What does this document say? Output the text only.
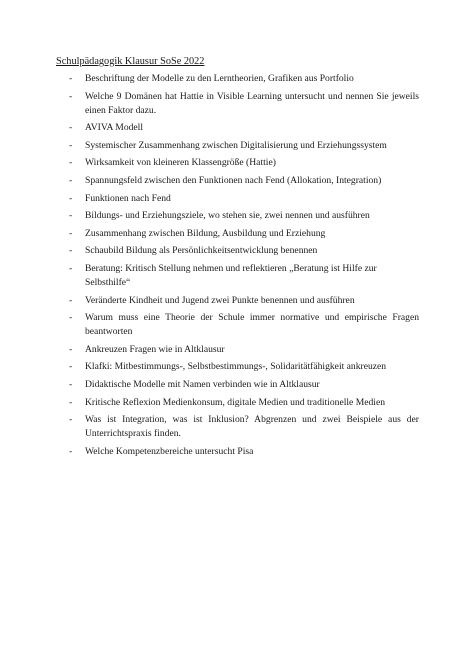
Schulpädagogik Klausur SoSe 2022
- Beschriftung der Modelle zu den Lerntheorien, Grafiken aus Portfolio
- Welche 9 Domänen hat Hattie in Visible Learning untersucht und nennen Sie jeweils einen Faktor dazu.
- AVIVA Modell
- Systemischer Zusammenhang zwischen Digitalisierung und Erziehungssystem
- Wirksamkeit von kleineren Klassengröße (Hattie)
- Spannungsfeld zwischen den Funktionen nach Fend (Allokation, Integration)
- Funktionen nach Fend
- Bildungs- und Erziehungsziele, wo stehen sie, zwei nennen und ausführen
- Zusammenhang zwischen Bildung, Ausbildung und Erziehung
- Schaubild Bildung als Persönlichkeitsentwicklung benennen
- Beratung: Kritisch Stellung nehmen und reflektieren „Beratung ist Hilfe zur Selbsthilfe“
- Veränderte Kindheit und Jugend zwei Punkte benennen und ausführen
- Warum muss eine Theorie der Schule immer normative und empirische Fragen beantworten
- Ankreuzen Fragen wie in Altklausur
- Klafki: Mitbestimmungs-, Selbstbestimmungs-, Solidaritätfähigkeit ankreuzen
- Didaktische Modelle mit Namen verbinden wie in Altklausur
- Kritische Reflexion Medienkonsum, digitale Medien und traditionelle Medien
- Was ist Integration, was ist Inklusion? Abgrenzen und zwei Beispiele aus der Unterrichtspraxis finden.
- Welche Kompetenzbereiche untersucht Pisa
